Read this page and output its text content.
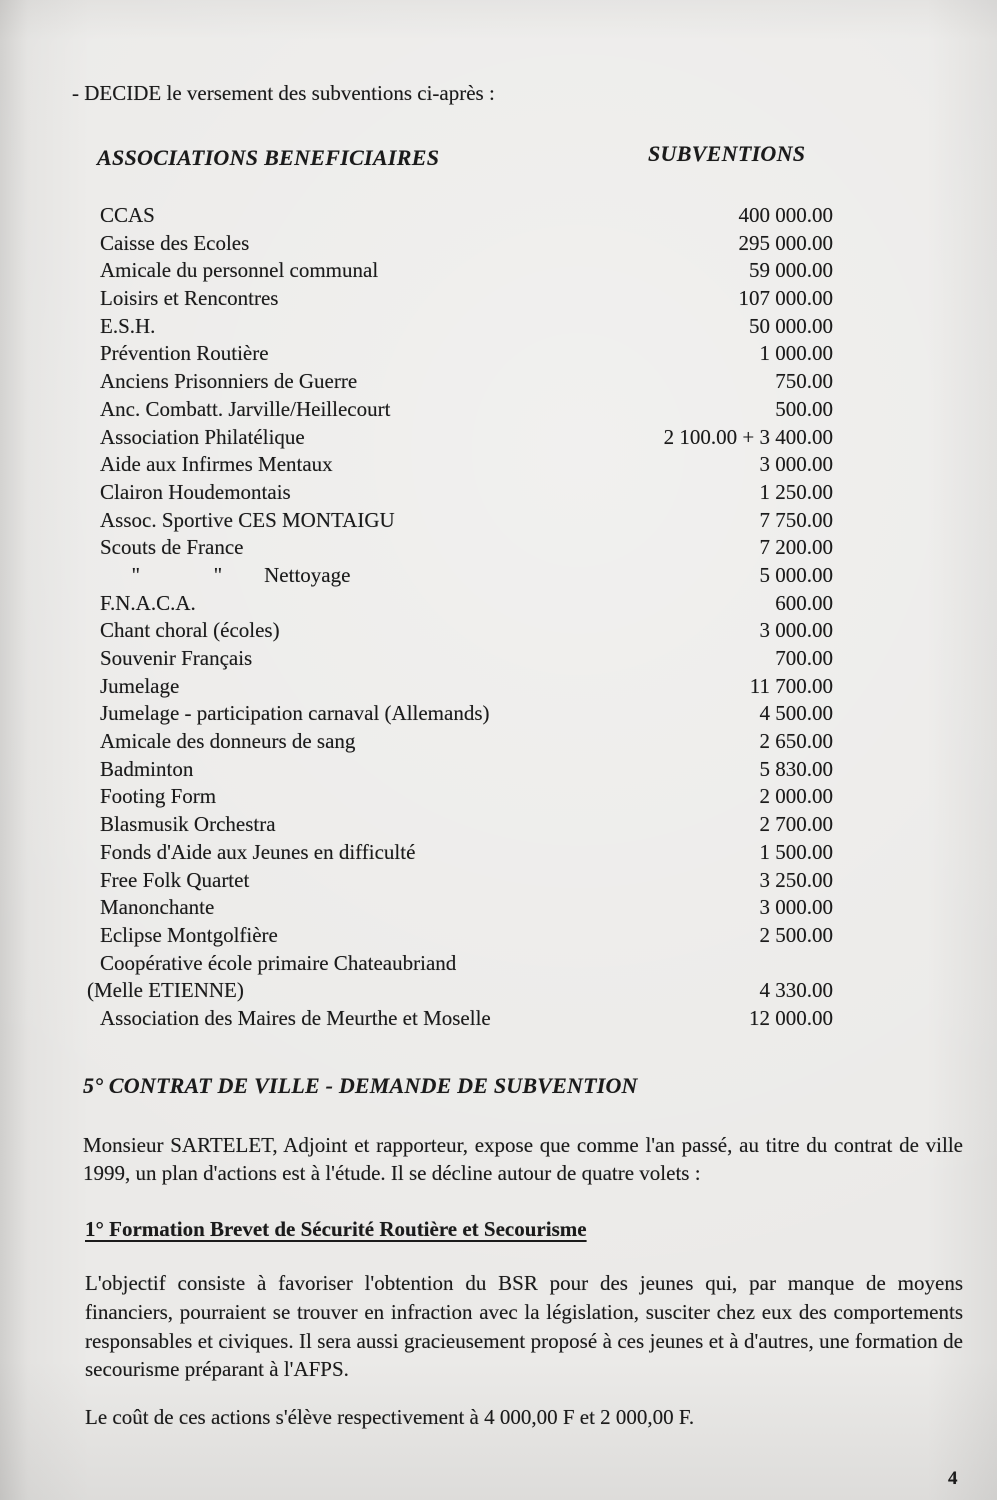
- DECIDE le versement des subventions ci-après :

ASSOCIATIONS BENEFICIAIRES	SUBVENTIONS
CCAS	400 000.00
Caisse des Ecoles	295 000.00
Amicale du personnel communal	59 000.00
Loisirs et Rencontres	107 000.00
E.S.H.	50 000.00
Prévention Routière	1 000.00
Anciens Prisonniers de Guerre	750.00
Anc. Combatt. Jarville/Heillecourt	500.00
Association Philatélique	2 100.00 + 3 400.00
Aide aux Infirmes Mentaux	3 000.00
Clairon Houdemontais	1 250.00
Assoc. Sportive CES MONTAIGU	7 750.00
Scouts de France	7 200.00
"              "        Nettoyage	5 000.00
F.N.A.C.A.	600.00
Chant choral (écoles)	3 000.00
Souvenir Français	700.00
Jumelage	11 700.00
Jumelage - participation carnaval (Allemands)	4 500.00
Amicale des donneurs de sang	2 650.00
Badminton	5 830.00
Footing Form	2 000.00
Blasmusik Orchestra	2 700.00
Fonds d'Aide aux Jeunes en difficulté	1 500.00
Free Folk Quartet	3 250.00
Manonchante	3 000.00
Eclipse Montgolfière	2 500.00
Coopérative école primaire Chateaubriand
(Melle ETIENNE)	4 330.00
Association des Maires de Meurthe et Moselle	12 000.00
5° CONTRAT DE VILLE - DEMANDE DE SUBVENTION

Monsieur SARTELET, Adjoint et rapporteur, expose que comme l'an passé, au titre du contrat de ville 1999, un plan d'actions est à l'étude. Il se décline autour de quatre volets :

1° Formation Brevet de Sécurité Routière et Secourisme

L'objectif consiste à favoriser l'obtention du BSR pour des jeunes qui, par manque de moyens financiers, pourraient se trouver en infraction avec la législation, susciter chez eux des comportements responsables et civiques. Il sera aussi gracieusement proposé à ces jeunes et à d'autres, une formation de secourisme préparant à l'AFPS.

Le coût de ces actions s'élève respectivement à 4 000,00 F et 2 000,00 F.

4
